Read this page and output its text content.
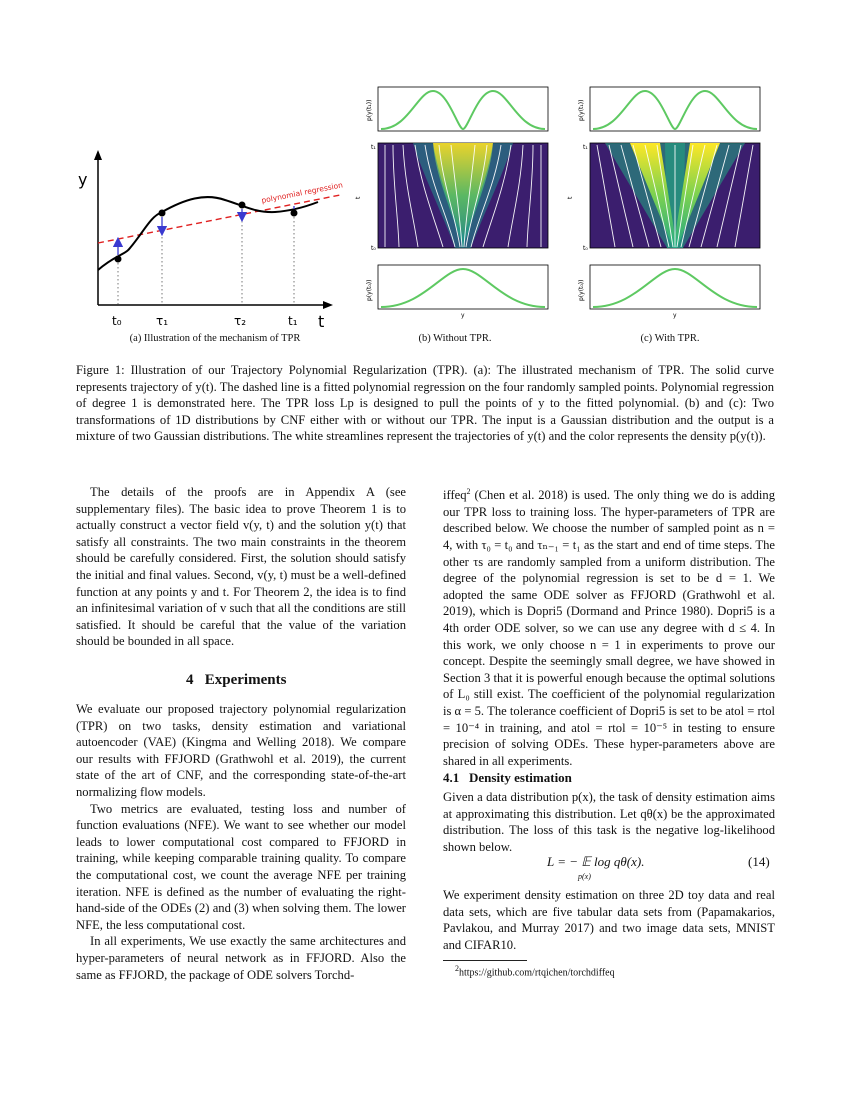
y
t
polynomial regression
t₀	τ₁	τ₂	t₁
(a) Illustration of the mechanism of TPR
p(y(t₁))
t₁
t₀
t
p(y(t₀))
y
(b) Without TPR.
p(y(t₁))
t₁
t₀
t
p(y(t₀))
y
(c) With TPR.
Figure 1: Illustration of our Trajectory Polynomial Regularization (TPR). (a): The illustrated mechanism of TPR. The solid curve represents trajectory of y(t). The dashed line is a fitted polynomial regression on the four randomly sampled points. Polynomial regression of degree 1 is demonstrated here. The TPR loss Lp is designed to pull the points of y to the fitted polynomial. (b) and (c): Two transformations of 1D distributions by CNF either with or without our TPR. The input is a Gaussian distribution and the output is a mixture of two Gaussian distributions. The white streamlines represent the trajectories of y(t) and the color represents the density p(y(t)).

The details of the proofs are in Appendix A (see supplementary files). The basic idea to prove Theorem 1 is to actually construct a vector field v(y, t) and the solution y(t) that satisfy all constraints. The two main constraints in the theorem should be carefully considered. First, the solution should satisfy the initial and final values. Second, v(y, t) must be a well-defined function at any points y and t. For Theorem 2, the idea is to find an infinitesimal variation of v such that all the conditions are still satisfied. It should be careful that the value of the variation should be bounded in all space.

4 Experiments

We evaluate our proposed trajectory polynomial regularization (TPR) on two tasks, density estimation and variational autoencoder (VAE) (Kingma and Welling 2018). We compare our results with FFJORD (Grathwohl et al. 2019), the current state of the art of CNF, and the corresponding state-of-the-art normalizing flow models.

Two metrics are evaluated, testing loss and number of function evaluations (NFE). We want to see whether our model leads to lower computational cost compared to FFJORD in training, while keeping comparable training quality. To compare the computational cost, we count the average NFE per training iteration. NFE is defined as the number of evaluating the right-hand-side of the ODEs (2) and (3) when solving them. The lower NFE, the less computational cost.

In all experiments, We use exactly the same architectures and hyper-parameters of neural network as in FFJORD. Also the same as FFJORD, the package of ODE solvers Torchd-

iffeq$^2$ (Chen et al. 2018) is used. The only thing we do is adding our TPR loss to training loss. The hyper-parameters of TPR are described below. We choose the number of sampled point as n = 4, with τ₀ = t₀ and τₙ₋₁ = t₁ as the start and end of time steps. The other τs are randomly sampled from a uniform distribution. The degree of the polynomial regression is set to be d = 1. We adopted the same ODE solver as FFJORD (Grathwohl et al. 2019), which is Dopri5 (Dormand and Prince 1980). Dopri5 is a 4th order ODE solver, so we can use any degree with d ≤ 4. In this work, we only choose n = 1 in experiments to prove our concept. Despite the seemingly small degree, we have showed in Section 3 that it is powerful enough because the optimal solutions of L₀ still exist. The coefficient of the polynomial regularization is α = 5. The tolerance coefficient of Dopri5 is set to be atol = rtol = 10⁻⁴ in training, and atol = rtol = 10⁻⁵ in testing to ensure precision of solving ODEs. These hyper-parameters above are shared in all experiments.

4.1 Density estimation

Given a data distribution p(x), the task of density estimation aims at approximating this distribution. Let qθ(x) be the approximated distribution. The loss of this task is the negative log-likelihood shown below.

L = − 𝔼 log qθ(x).
p(x)
(14)

We experiment density estimation on three 2D toy data and real data sets, which are five tabular data sets from (Papamakarios, Pavlakou, and Murray 2017) and two image data sets, MNIST and CIFAR10.

$^2$https://github.com/rtqichen/torchdiffeq
